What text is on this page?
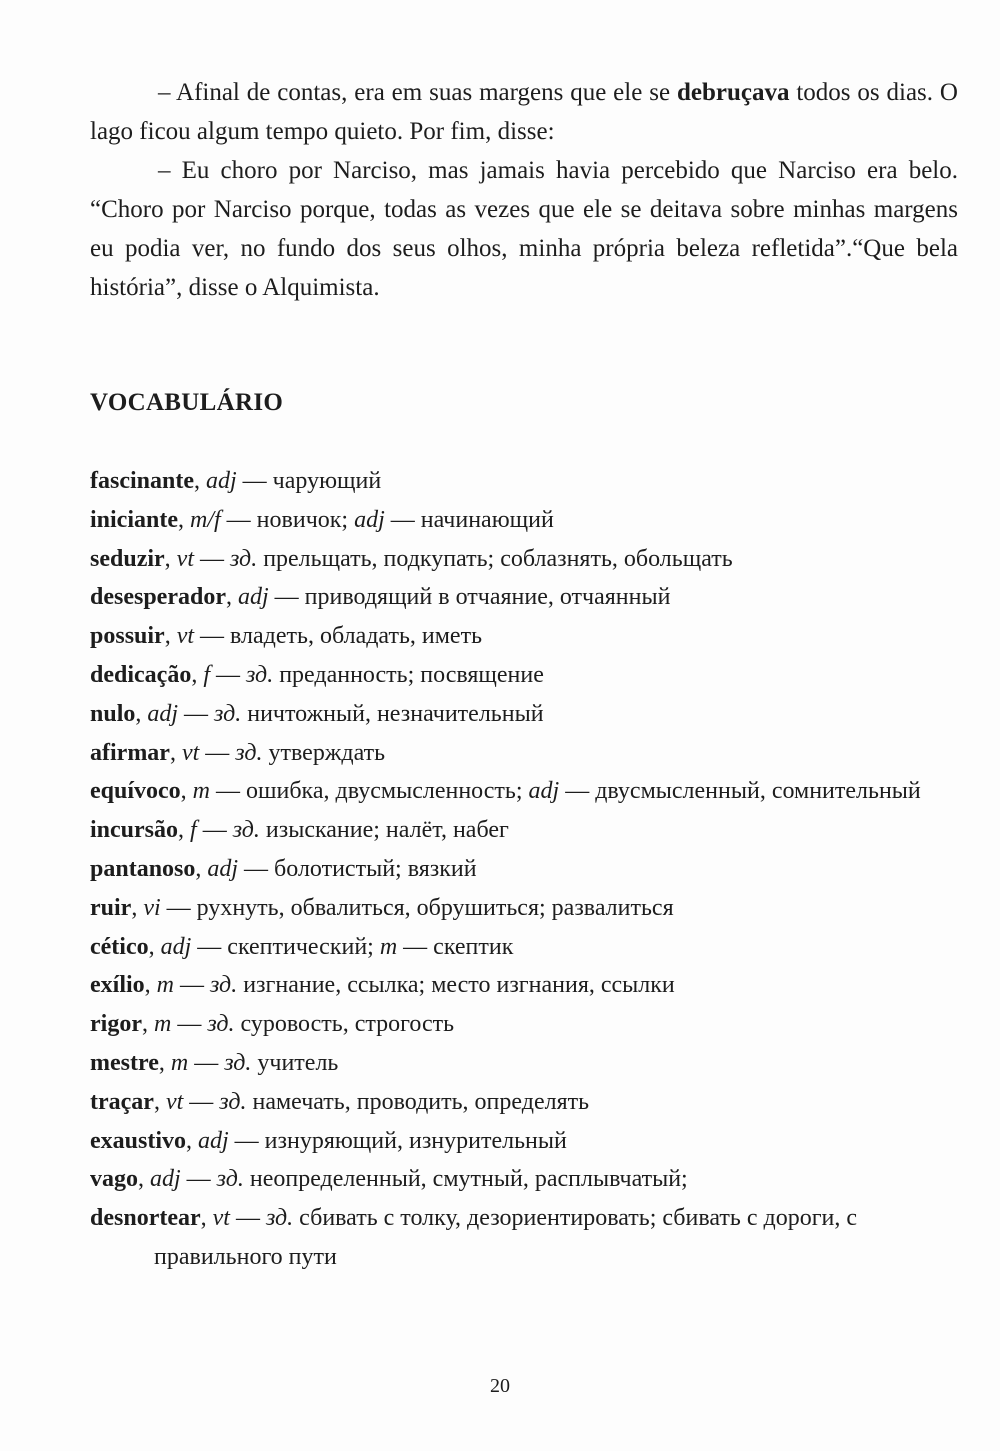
– Afinal de contas, era em suas margens que ele se debruçava todos os dias. O lago ficou algum tempo quieto. Por fim, disse:

– Eu choro por Narciso, mas jamais havia percebido que Narciso era belo. “Choro por Narciso porque, todas as vezes que ele se deitava sobre minhas margens eu podia ver, no fundo dos seus olhos, minha própria beleza refletida”.“Que bela história”, disse o Alquimista.

VOCABULÁRIO
fascinante, adj — чарующий
iniciante, m/f — новичок; adj — начинающий
seduzir, vt — зд. прельщать, подкупать; соблазнять, обольщать
desesperador, adj — приводящий в отчаяние, отчаянный
possuir, vt — владеть, обладать, иметь
dedicação, f — зд. преданность; посвящение
nulo, adj — зд. ничтожный, незначительный
afirmar, vt — зд. утверждать
equívoco, m — ошибка, двусмысленность; adj — двусмысленный, сомнительный
incursão, f — зд. изыскание; налёт, набег
pantanoso, adj — болотистый; вязкий
ruir, vi — рухнуть, обвалиться, обрушиться; развалиться
cético, adj — скептический; m — скептик
exílio, m — зд. изгнание, ссылка; место изгнания, ссылки
rigor, m — зд. суровость, строгость
mestre, m — зд. учитель
traçar, vt — зд. намечать, проводить, определять
exaustivo, adj — изнуряющий, изнурительный
vago, adj — зд. неопределенный, смутный, расплывчатый;
desnortear, vt — зд. сбивать с толку, дезориентировать; сбивать с дороги, с правильного пути
20
